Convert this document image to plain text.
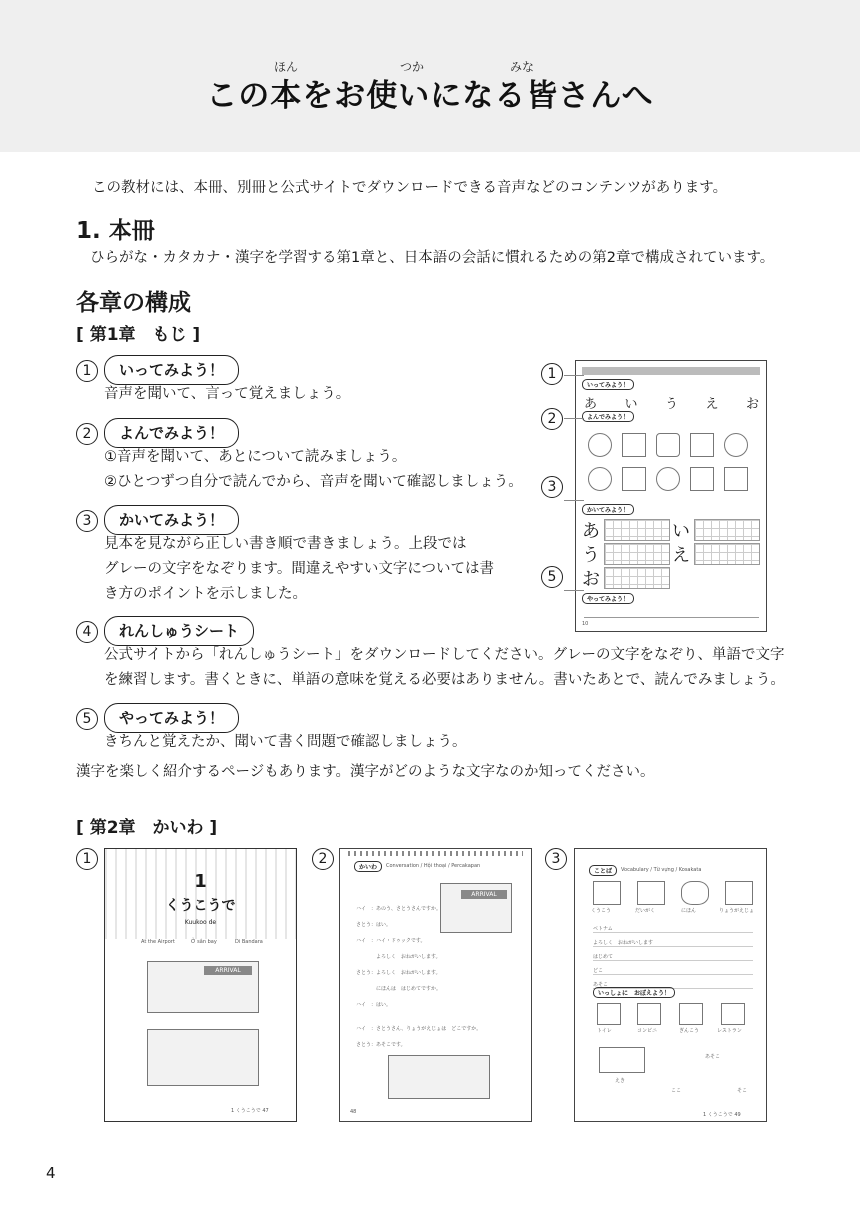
ほん	つか	みな
この本をお使いになる皆さんへ
この教材には、本冊、別冊と公式サイトでダウンロードできる音声などのコンテンツがあります。
1. 本冊
ひらがな・カタカナ・漢字を学習する第1章と、日本語の会話に慣れるための第2章で構成されています。
各章の構成
[ 第1章　もじ ]
1	いってみよう！
音声を聞いて、言って覚えましょう。
2	よんでみよう！
①音声を聞いて、あとについて読みましょう。
②ひとつずつ自分で読んでから、音声を聞いて確認しましょう。
3	かいてみよう！
見本を見ながら正しい書き順で書きましょう。上段では
グレーの文字をなぞります。間違えやすい文字については書
き方のポイントを示しました。
4	れんしゅうシート
公式サイトから「れんしゅうシート」をダウンロードしてください。グレーの文字をなぞり、単語で文字
を練習します。書くときに、単語の意味を覚える必要はありません。書いたあとで、読んでみましょう。
5	やってみよう！
きちんと覚えたか、聞いて書く問題で確認しましょう。
漢字を楽しく紹介するページもあります。漢字がどのような文字なのか知ってください。
いってみよう！
あ い う え お
よんでみよう！
かいてみよう！
あ	い
う	え
お
やってみよう！
10
1
2
3
5
[ 第2章　かいわ ]
1
1
くうこうで
Kuukoo de
At the Airport	Ở sân bay	Di Bandara
ARRIVAL
1 くうこうで 47
2
かいわ	Conversation / Hội thoại / Percakapan
ARRIVAL
ハイ　：あのう、さとうさんですか。
さとう：はい。
ハイ　：ハイ・ドゥックです。
　　　　よろしく　おねがいします。
さとう：よろしく　おねがいします。
　　　　にほんは　はじめてですか。
ハイ　：はい。
ハイ　：さとうさん、りょうがえじょは　どこですか。
さとう：あそこです。
48
3
ことば	Vocabulary / Từ vựng / Kosakata
くうこう	だいがく	にほん	りょうがえじょ
ベトナム
よろしく　おねがいします
はじめて
どこ
あそこ
いっしょに　おぼえよう！
トイレ	コンビニ	ぎんこう	レストラン
えき
ここ	そこ
あそこ
1 くうこうで 49
4
